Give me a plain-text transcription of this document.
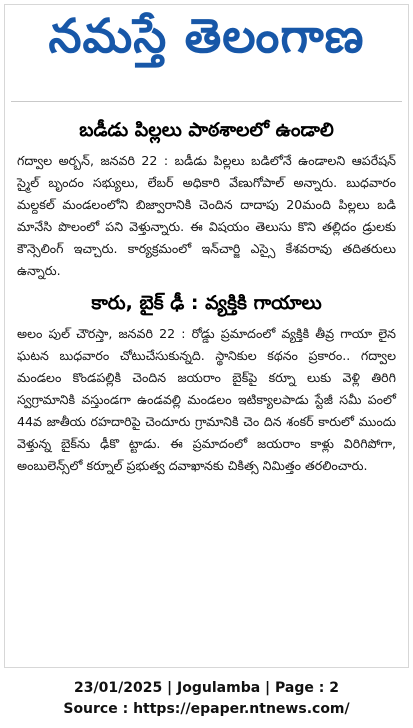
నమస్తే తెలంగాణ
బడీడు పిల్లలు పాఠశాలలో ఉండాలి
గద్వాల అర్బన్, జనవరి 22 : బడీడు పిల్లలు బడిలోనే ఉండాలని ఆపరేషన్ స్మైల్ బృందం సభ్యులు, లేబర్ అధికారి వేణుగోపాల్ అన్నారు. బుధవారం మల్దకల్ మండలంలోని బిజ్వారానికి చెందిన దాదాపు 20మంది పిల్లలు బడి మానేసి పొలంలో పని వెళ్తున్నారు. ఈ విషయం తెలుసు కొని తల్లిదం డ్రులకు కౌన్సెలింగ్ ఇచ్చారు. కార్యక్రమంలో ఇన్‌చార్జి ఎస్సై కేశవరావు తదితరులు ఉన్నారు.
కారు, బైక్ ఢీ : వ్యక్తికి గాయాలు
అలం పుల్ చౌరస్తా, జనవరి 22 : రోడ్డు ప్రమాదంలో వ్యక్తికి తీవ్ర గాయా లైన ఘటన బుధవారం చోటుచేసుకున్నది. స్థానికుల కథనం ప్రకారం.. గద్వాల మండలం కొండపల్లికి చెందిన జయరాం బైక్‌పై కర్నూ లుకు వెళ్లి తిరిగి స్వగ్రామానికి వస్తుండగా ఉండవల్లి మండలం ఇటిక్యాలపాడు స్టేజీ సమీ పంలో 44వ జాతీయ రహదారిపై చెందూరు గ్రామానికి చెం దిన శంకర్ కారులో ముందు వెళ్తున్న బైక్‌ను ఢీకొ ట్టాడు. ఈ ప్రమాదంలో జయరాం కాళ్లు విరిగిపోగా, అంబులెన్స్‌లో కర్నూల్ ప్రభుత్వ దవాఖానకు చికిత్స నిమిత్తం తరలించారు.
23/01/2025 | Jogulamba | Page : 2
Source : https://epaper.ntnews.com/
